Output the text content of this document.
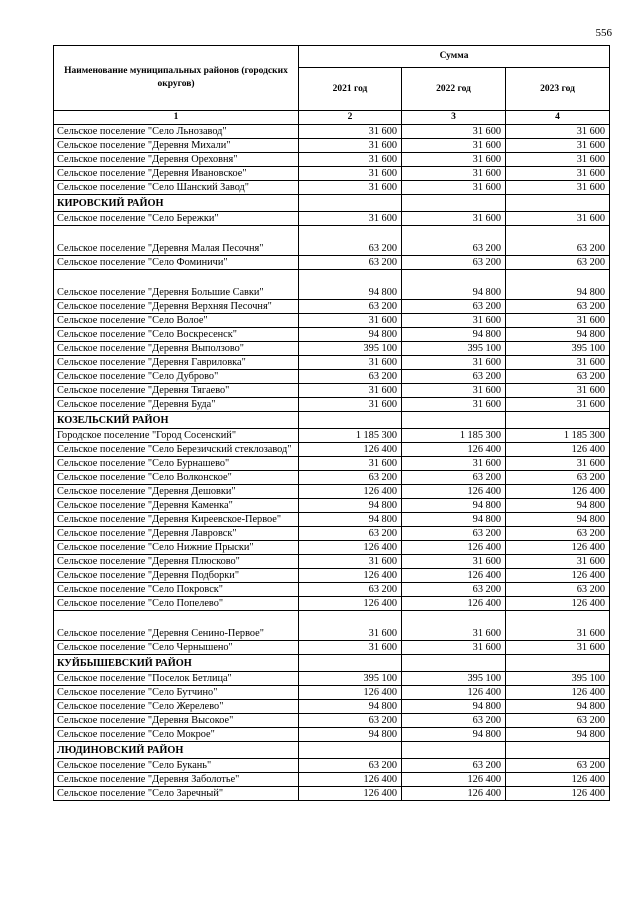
556
Наименование муниципальных районов (городских округов)	Сумма		
	2021 год	2022 год	2023 год
1	2	3	4
Сельское поселение "Село Льнозавод"	31 600	31 600	31 600
Сельское поселение "Деревня Михали"	31 600	31 600	31 600
Сельское поселение "Деревня Ореховня"	31 600	31 600	31 600
Сельское поселение "Деревня Ивановское"	31 600	31 600	31 600
Сельское поселение "Село Шанский Завод"	31 600	31 600	31 600
КИРОВСКИЙ РАЙОН			
Сельское поселение "Село Бережки"	31 600	31 600	31 600
Сельское поселение "Деревня Малая Песочня"	63 200	63 200	63 200
Сельское поселение "Село Фоминичи"	63 200	63 200	63 200
Сельское поселение "Деревня Большие Савки"	94 800	94 800	94 800
Сельское поселение "Деревня Верхняя Песочня"	63 200	63 200	63 200
Сельское поселение "Село Волое"	31 600	31 600	31 600
Сельское поселение "Село Воскресенск"	94 800	94 800	94 800
Сельское поселение "Деревня Выползово"	395 100	395 100	395 100
Сельское поселение "Деревня Гавриловка"	31 600	31 600	31 600
Сельское поселение "Село Дуброво"	63 200	63 200	63 200
Сельское поселение "Деревня Тягаево"	31 600	31 600	31 600
Сельское поселение "Деревня Буда"	31 600	31 600	31 600
КОЗЕЛЬСКИЙ РАЙОН			
Городское поселение "Город Сосенский"	1 185 300	1 185 300	1 185 300
Сельское поселение "Село Березичский стеклозавод"	126 400	126 400	126 400
Сельское поселение "Село Бурнашево"	31 600	31 600	31 600
Сельское поселение "Село Волконское"	63 200	63 200	63 200
Сельское поселение "Деревня Дешовки"	126 400	126 400	126 400
Сельское поселение "Деревня Каменка"	94 800	94 800	94 800
Сельское поселение "Деревня Киреевское-Первое"	94 800	94 800	94 800
Сельское поселение "Деревня Лавровск"	63 200	63 200	63 200
Сельское поселение "Село Нижние Прыски"	126 400	126 400	126 400
Сельское поселение "Деревня Плюсково"	31 600	31 600	31 600
Сельское поселение "Деревня Подборки"	126 400	126 400	126 400
Сельское поселение "Село Покровск"	63 200	63 200	63 200
Сельское поселение "Село Попелево"	126 400	126 400	126 400
Сельское поселение "Деревня Сенино-Первое"	31 600	31 600	31 600
Сельское поселение "Село Чернышено"	31 600	31 600	31 600
КУЙБЫШЕВСКИЙ РАЙОН			
Сельское поселение "Поселок Бетлица"	395 100	395 100	395 100
Сельское поселение "Село Бутчино"	126 400	126 400	126 400
Сельское поселение "Село Жерелево"	94 800	94 800	94 800
Сельское поселение "Деревня Высокое"	63 200	63 200	63 200
Сельское поселение "Село Мокрое"	94 800	94 800	94 800
ЛЮДИНОВСКИЙ РАЙОН			
Сельское поселение "Село Букань"	63 200	63 200	63 200
Сельское поселение "Деревня Заболотье"	126 400	126 400	126 400
Сельское поселение "Село Заречный"	126 400	126 400	126 400
